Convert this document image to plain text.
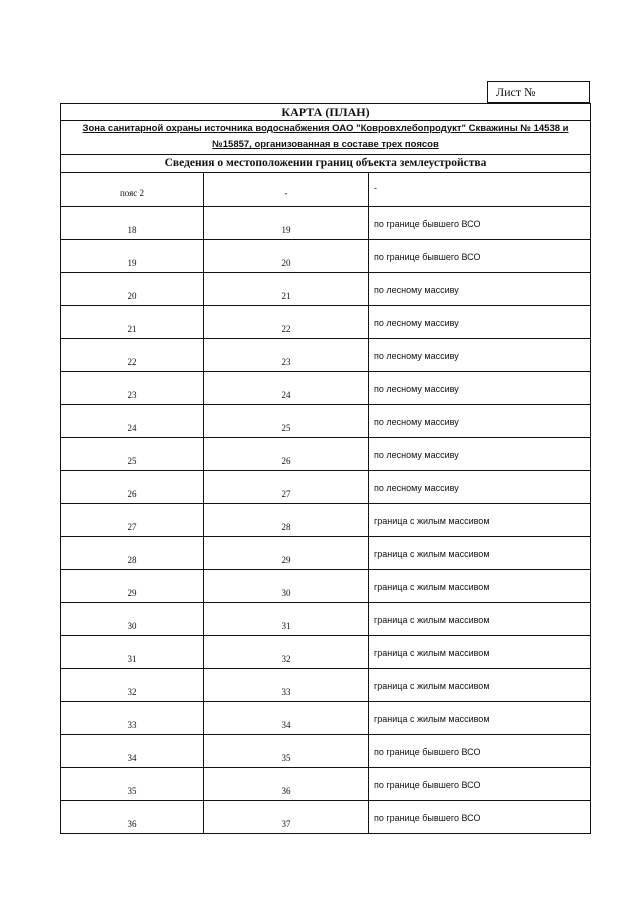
Лист №
КАРТА (ПЛАН)
Зона санитарной охраны источника водоснабжения ОАО "Ковровхлебопродукт" Скважины № 14538 и №15857, организованная в составе трех поясов
Сведения о местоположении границ объекта землеустройства
пояс 2	-	-

18	19	по границе бывшего ВСО

19	20	по границе бывшего ВСО

20	21	по лесному массиву

21	22	по лесному массиву

22	23	по лесному массиву

23	24	по лесному массиву

24	25	по лесному массиву

25	26	по лесному массиву

26	27	по лесному массиву

27	28	граница с жилым массивом

28	29	граница с жилым массивом

29	30	граница с жилым массивом

30	31	граница с жилым массивом

31	32	граница с жилым массивом

32	33	граница с жилым массивом

33	34	граница с жилым массивом

34	35	по границе бывшего ВСО

35	36	по границе бывшего ВСО

36	37	по границе бывшего ВСО
